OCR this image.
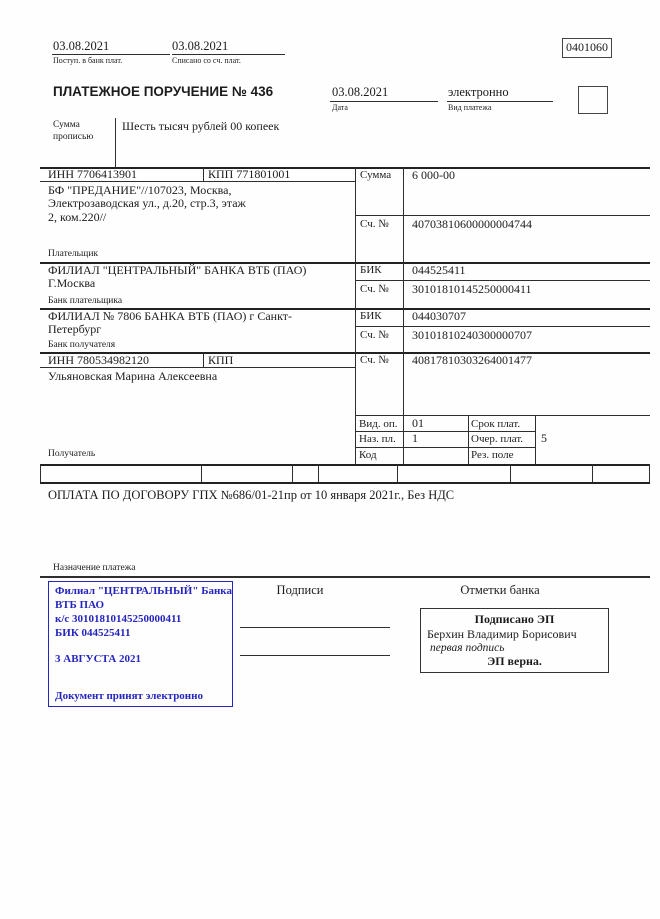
03.08.2021
Поступ. в банк плат.
03.08.2021
Списано со сч. плат.
0401060
ПЛАТЕЖНОЕ ПОРУЧЕНИЕ № 436	03.08.2021
Дата
электронно
Вид платежа
Сумма прописью
Шесть тысяч рублей 00 копеек
ИНН 7706413901	КПП 771801001
БФ "ПРЕДАНИЕ"//107023, Москва,
Электрозаводская ул., д.20, стр.3, этаж
2, ком.220//
Плательщик
ФИЛИАЛ "ЦЕНТРАЛЬНЫЙ" БАНКА ВТБ (ПАО)
Г.Москва
Банк плательщика
ФИЛИАЛ № 7806 БАНКА ВТБ (ПАО) г Санкт-
Петербург
Банк получателя
ИНН 780534982120	КПП
Ульяновская Марина Алексеевна
Получатель
Сумма 6 000-00
Сч. № 40703810600000004744
БИК	044525411
Сч. № 30101810145250000411
БИК	044030707
Сч. № 30101810240300000707
Сч. № 40817810303264001477
Вид. оп. 01	Срок плат.
Наз. пл. 1	Очер. плат. 5
Код	Рез. поле
ОПЛАТА ПО ДОГОВОРУ ГПХ №686/01-21пр от 10 января 2021г., Без НДС
Назначение платежа
Подписи	Отметки банка
Филиал "ЦЕНТРАЛЬНЫЙ" Банка
ВТБ ПАО
к/с 30101810145250000411
БИК 044525411
3 АВГУСТА 2021
Документ принят электронно
Подписано ЭП
Берхин Владимир Борисович
первая подпись
ЭП верна.
